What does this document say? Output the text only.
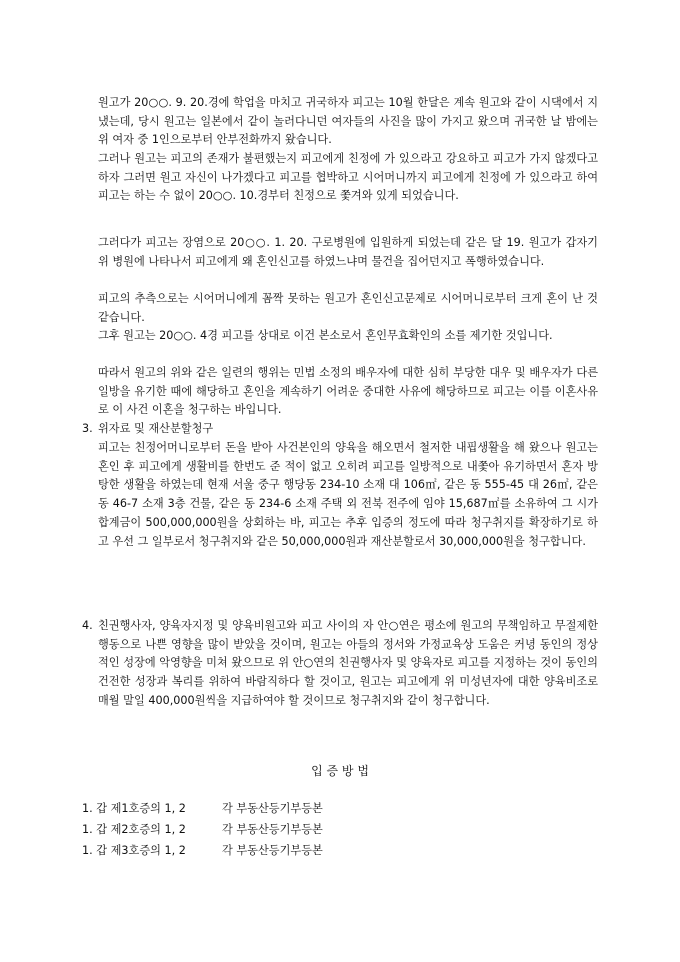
원고가 20○○. 9. 20.경에 학업을 마치고 귀국하자 피고는 10월 한달은 계속 원고와 같이 시댁에서 지냈는데, 당시 원고는 일본에서 같이 놀러다니던 여자들의 사진을 많이 가지고 왔으며 귀국한 날 밤에는 위 여자 중 1인으로부터 안부전화까지 왔습니다.

그러나 원고는 피고의 존재가 불편했는지 피고에게 친정에 가 있으라고 강요하고 피고가 가지 않겠다고 하자 그러면 원고 자신이 나가겠다고 피고를 협박하고 시어머니까지 피고에게 친정에 가 있으라고 하여 피고는 하는 수 없이 20○○. 10.경부터 친정으로 쫓겨와 있게 되었습니다.

그러다가 피고는 장염으로 20○○. 1. 20. 구로병원에 입원하게 되었는데 같은 달 19. 원고가 갑자기 위 병원에 나타나서 피고에게 왜 혼인신고를 하였느냐며 물건을 집어던지고 폭행하였습니다.

피고의 추측으로는 시어머니에게 꼼짝 못하는 원고가 혼인신고문제로 시어머니로부터 크게 혼이 난 것 같습니다.

그후 원고는 20○○. 4경 피고를 상대로 이건 본소로서 혼인무효확인의 소를 제기한 것입니다.

따라서 원고의 위와 같은 일련의 행위는 민법 소정의 배우자에 대한 심히 부당한 대우 및 배우자가 다른 일방을 유기한 때에 해당하고 혼인을 계속하기 어려운 중대한 사유에 해당하므로 피고는 이를 이혼사유로 이 사건 이혼을 청구하는 바입니다.

3. 위자료 및 재산분할청구

피고는 친정어머니로부터 돈을 받아 사건본인의 양육을 해오면서 철저한 내핍생활을 해 왔으나 원고는 혼인 후 피고에게 생활비를 한번도 준 적이 없고 오히려 피고를 일방적으로 내쫓아 유기하면서 혼자 방탕한 생활을 하였는데 현재 서울 중구 행당동 234-10 소재 대 106㎡, 같은 동 555-45 대 26㎡, 같은 동 46-7 소재 3층 건물, 같은 동 234-6 소재 주택 외 전북 전주에 임야 15,687㎡를 소유하여 그 시가 합계금이 500,000,000원을 상회하는 바, 피고는 추후 입증의 정도에 따라 청구취지를 확장하기로 하고 우선 그 일부로서 청구취지와 같은 50,000,000원과 재산분할로서 30,000,000원을 청구합니다.

4. 친권행사자, 양육자지정 및 양육비원고와 피고 사이의 자 안○연은 평소에 원고의 무책임하고 무절제한 행동으로 나쁜 영향을 많이 받았을 것이며, 원고는 아들의 정서와 가정교육상 도움은 커녕 동인의 정상적인 성장에 악영향을 미쳐 왔으므로 위 안○연의 친권행사자 및 양육자로 피고를 지정하는 것이 동인의 건전한 성장과 복리를 위하여 바람직하다 할 것이고, 원고는 피고에게 위 미성년자에 대한 양육비조로 매월 말일 400,000원씩을 지급하여야 할 것이므로 청구취지와 같이 청구합니다.

입 증 방 법
1. 갑 제1호증의 1, 2	각 부동산등기부등본
1. 갑 제2호증의 1, 2	각 부동산등기부등본
1. 갑 제3호증의 1, 2	각 부동산등기부등본
